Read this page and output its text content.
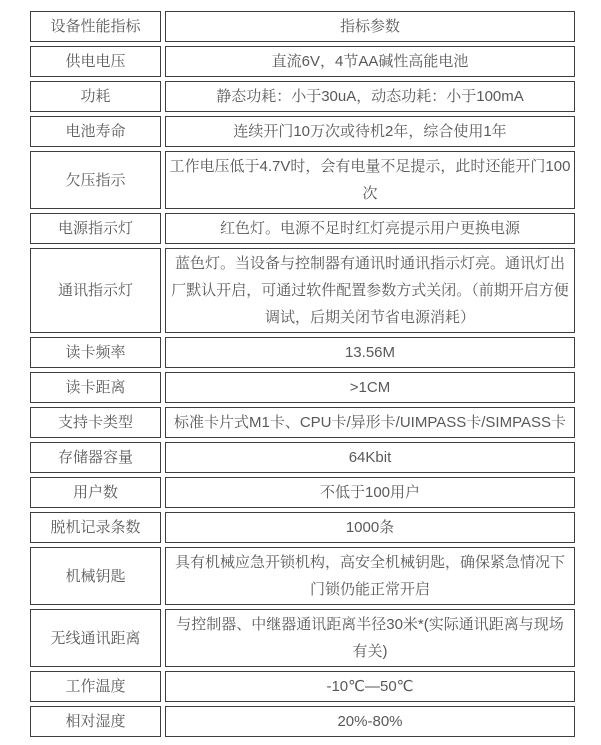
设备性能指标	指标参数
供电电压	直流6V，4节AA碱性高能电池
功耗	静态功耗：小于30uA，动态功耗：小于100mA
电池寿命	连续开门10万次或待机2年，综合使用1年
欠压指示	工作电压低于4.7V时，会有电量不足提示，此时还能开门100次
电源指示灯	红色灯。电源不足时红灯亮提示用户更换电源
通讯指示灯	蓝色灯。当设备与控制器有通讯时通讯指示灯亮。通讯灯出厂默认开启，可通过软件配置参数方式关闭。（前期开启方便调试，后期关闭节省电源消耗）
读卡频率	13.56M
读卡距离	>1CM
支持卡类型	标准卡片式M1卡、CPU卡/异形卡/UIMPASS卡/SIMPASS卡
存储器容量	64Kbit
用户数	不低于100用户
脱机记录条数	1000条
机械钥匙	具有机械应急开锁机构，高安全机械钥匙，确保紧急情况下门锁仍能正常开启
无线通讯距离	与控制器、中继器通讯距离半径30米*(实际通讯距离与现场有关)
工作温度	-10℃—50℃
相对湿度	20%-80%
